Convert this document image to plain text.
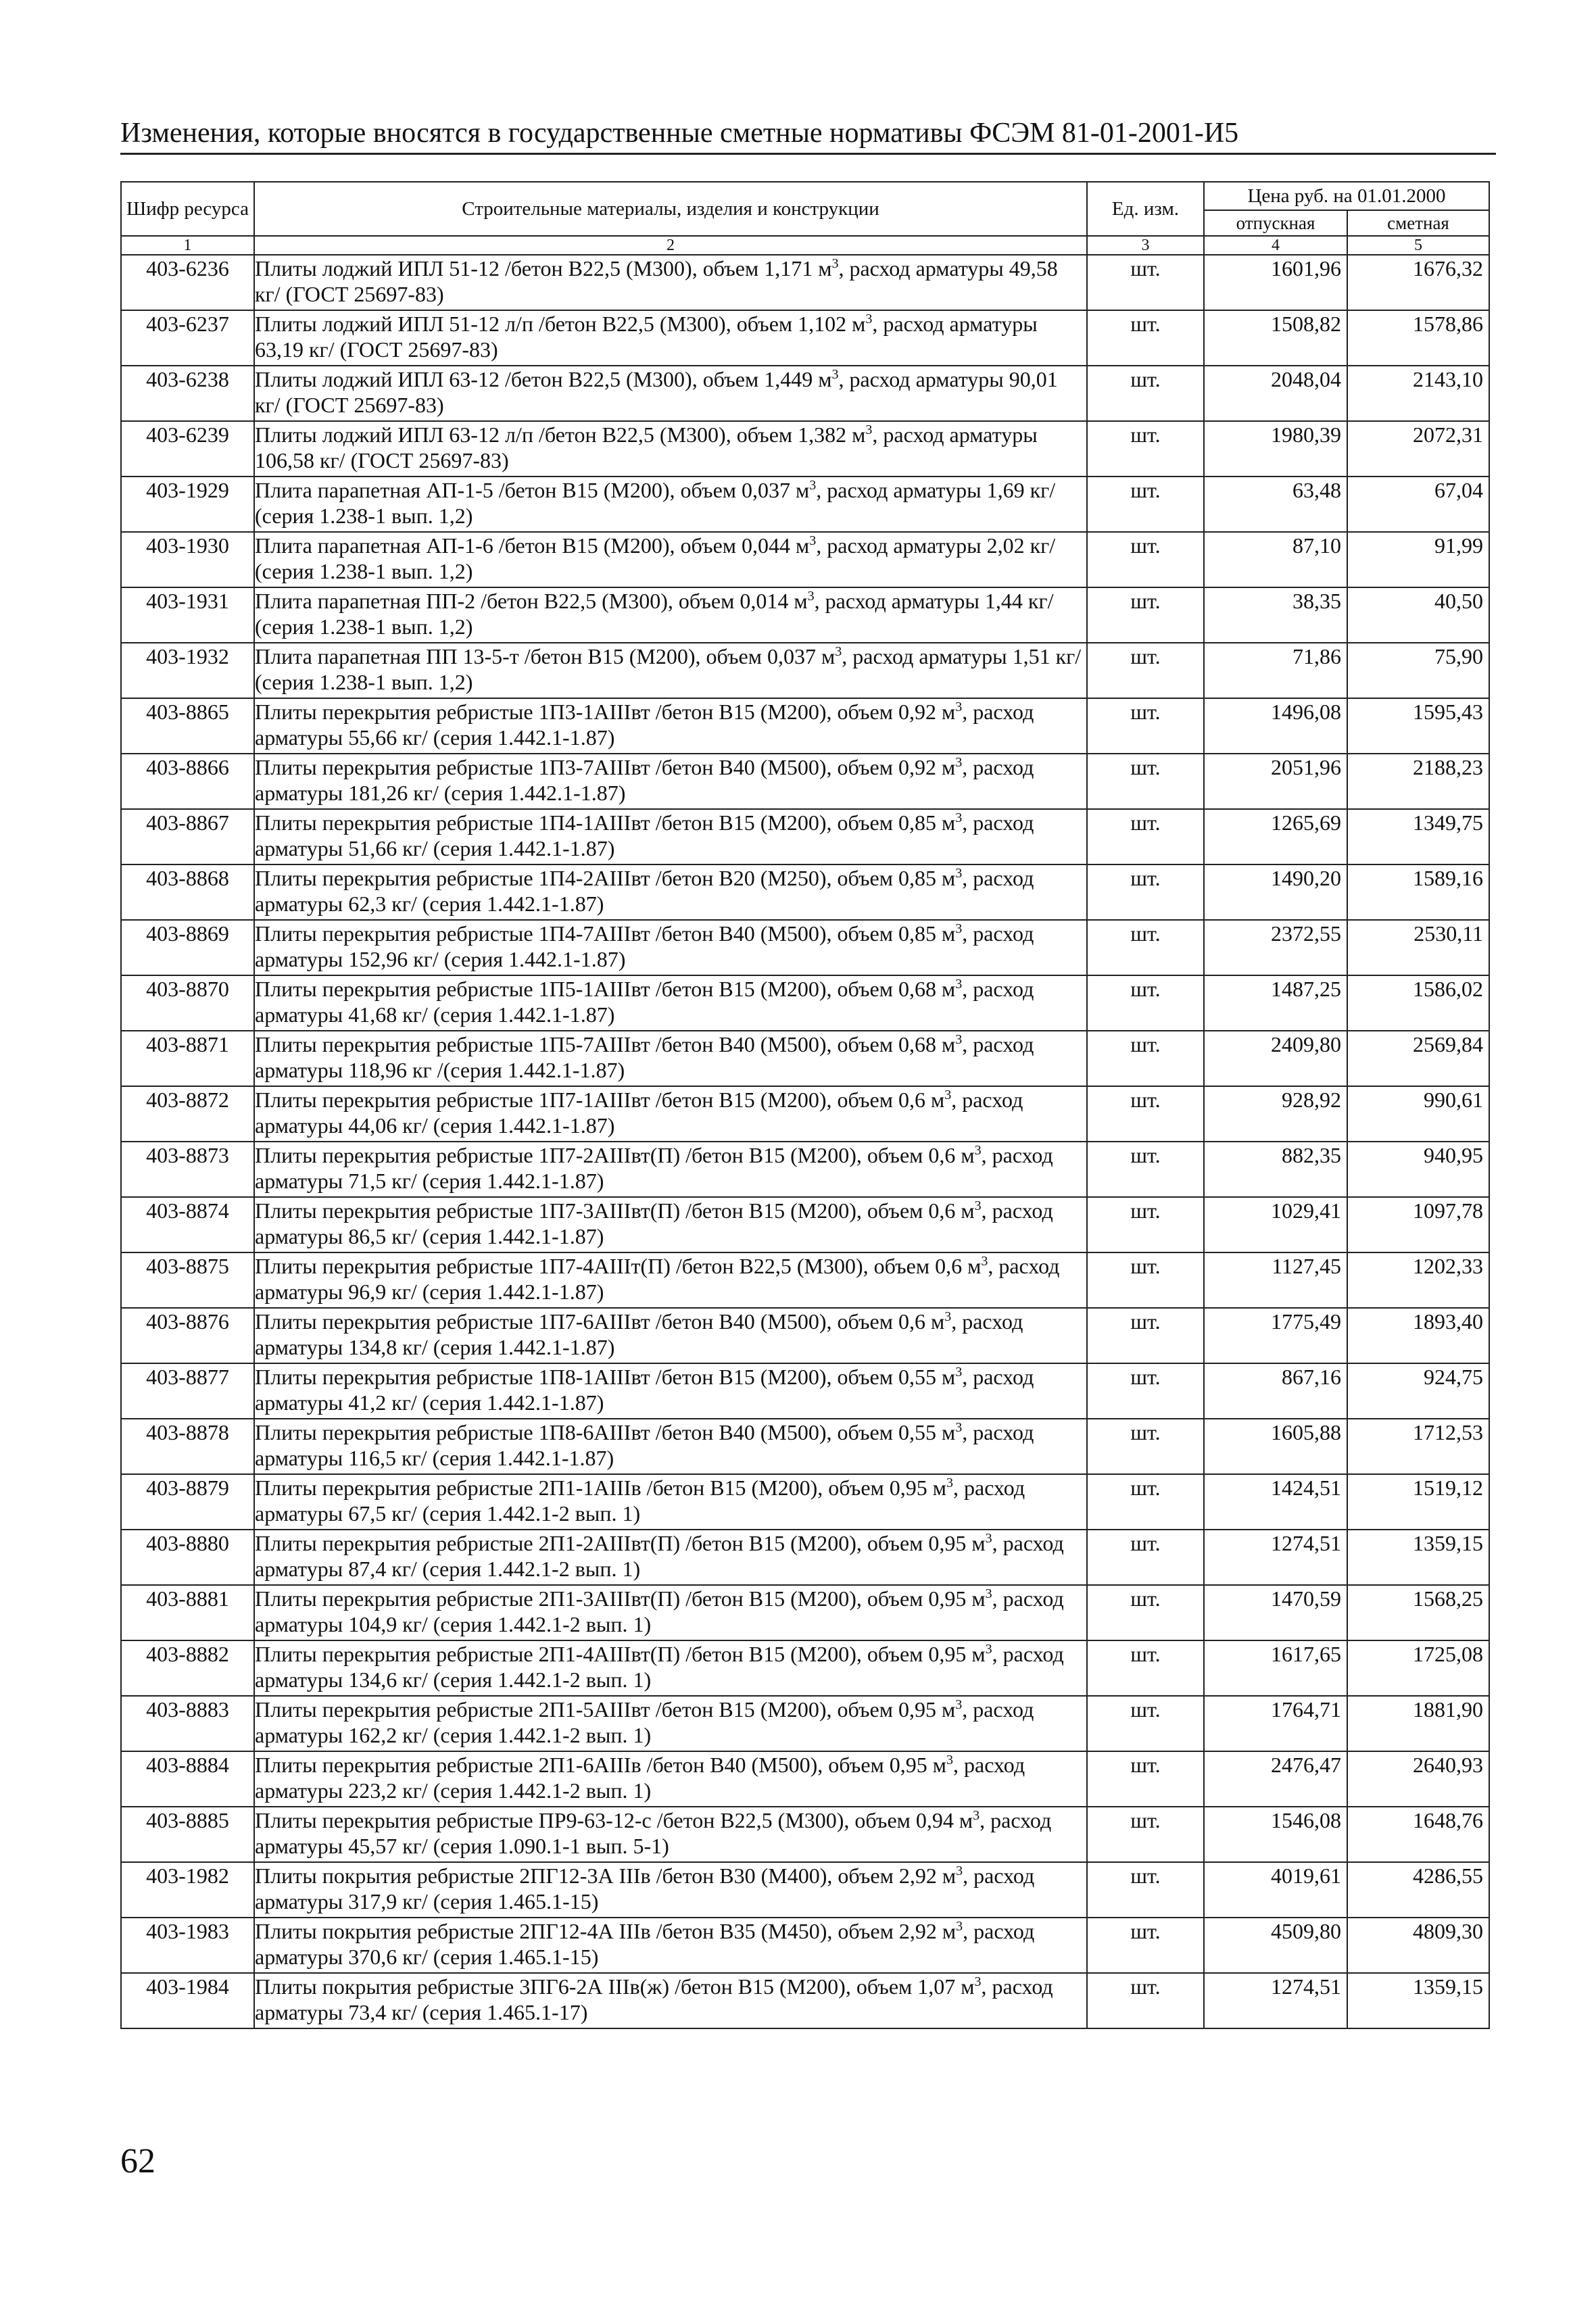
Изменения, которые вносятся в государственные сметные нормативы ФСЭМ 81-01-2001-И5
Шифр ресурса	Строительные материалы, изделия и конструкции	Ед. изм.	Цена руб. на 01.01.2000	
			отпускная	сметная
1	2	3	4	5
403-6236	Плиты лоджий ИПЛ 51-12 /бетон В22,5 (М300), объем 1,171 $м^3$, расход арматуры 49,58 кг/ (ГОСТ 25697-83)	шт.	1601,96	1676,32
403-6237	Плиты лоджий ИПЛ 51-12 л/п /бетон В22,5 (М300), объем 1,102 $м^3$, расход арматуры 63,19 кг/ (ГОСТ 25697-83)	шт.	1508,82	1578,86
403-6238	Плиты лоджий ИПЛ 63-12 /бетон В22,5 (М300), объем 1,449 $м^3$, расход арматуры 90,01 кг/ (ГОСТ 25697-83)	шт.	2048,04	2143,10
403-6239	Плиты лоджий ИПЛ 63-12 л/п /бетон В22,5 (М300), объем 1,382 $м^3$, расход арматуры 106,58 кг/ (ГОСТ 25697-83)	шт.	1980,39	2072,31
403-1929	Плита парапетная АП-1-5 /бетон В15 (М200), объем 0,037 $м^3$, расход арматуры 1,69 кг/ (серия 1.238-1 вып. 1,2)	шт.	63,48	67,04
403-1930	Плита парапетная АП-1-6 /бетон В15 (М200), объем 0,044 $м^3$, расход арматуры 2,02 кг/ (серия 1.238-1 вып. 1,2)	шт.	87,10	91,99
403-1931	Плита парапетная ПП-2 /бетон В22,5 (М300), объем 0,014 $м^3$, расход арматуры 1,44 кг/ (серия 1.238-1 вып. 1,2)	шт.	38,35	40,50
403-1932	Плита парапетная ПП 13-5-т /бетон В15 (М200), объем 0,037 $м^3$, расход арматуры 1,51 кг/ (серия 1.238-1 вып. 1,2)	шт.	71,86	75,90
403-8865	Плиты перекрытия ребристые 1П3-1АIIIвт /бетон В15 (М200), объем 0,92 $м^3$, расход арматуры 55,66 кг/ (серия 1.442.1-1.87)	шт.	1496,08	1595,43
403-8866	Плиты перекрытия ребристые 1П3-7АIIIвт /бетон В40 (М500), объем 0,92 $м^3$, расход арматуры 181,26 кг/ (серия 1.442.1-1.87)	шт.	2051,96	2188,23
403-8867	Плиты перекрытия ребристые 1П4-1АIIIвт /бетон В15 (М200), объем 0,85 $м^3$, расход арматуры 51,66 кг/ (серия 1.442.1-1.87)	шт.	1265,69	1349,75
403-8868	Плиты перекрытия ребристые 1П4-2АIIIвт /бетон В20 (М250), объем 0,85 $м^3$, расход арматуры 62,3 кг/ (серия 1.442.1-1.87)	шт.	1490,20	1589,16
403-8869	Плиты перекрытия ребристые 1П4-7АIIIвт /бетон В40 (М500), объем 0,85 $м^3$, расход арматуры 152,96 кг/ (серия 1.442.1-1.87)	шт.	2372,55	2530,11
403-8870	Плиты перекрытия ребристые 1П5-1АIIIвт /бетон В15 (М200), объем 0,68 $м^3$, расход арматуры 41,68 кг/ (серия 1.442.1-1.87)	шт.	1487,25	1586,02
403-8871	Плиты перекрытия ребристые 1П5-7АIIIвт /бетон В40 (М500), объем 0,68 $м^3$, расход арматуры 118,96 кг /(серия 1.442.1-1.87)	шт.	2409,80	2569,84
403-8872	Плиты перекрытия ребристые 1П7-1АIIIвт /бетон В15 (М200), объем 0,6 $м^3$, расход арматуры 44,06 кг/ (серия 1.442.1-1.87)	шт.	928,92	990,61
403-8873	Плиты перекрытия ребристые 1П7-2АIIIвт(П) /бетон В15 (М200), объем 0,6 $м^3$, расход арматуры 71,5 кг/ (серия 1.442.1-1.87)	шт.	882,35	940,95
403-8874	Плиты перекрытия ребристые 1П7-3АIIIвт(П) /бетон В15 (М200), объем 0,6 $м^3$, расход арматуры 86,5 кг/ (серия 1.442.1-1.87)	шт.	1029,41	1097,78
403-8875	Плиты перекрытия ребристые 1П7-4АIIIт(П) /бетон В22,5 (М300), объем 0,6 $м^3$, расход арматуры 96,9 кг/ (серия 1.442.1-1.87)	шт.	1127,45	1202,33
403-8876	Плиты перекрытия ребристые 1П7-6АIIIвт /бетон В40 (М500), объем 0,6 $м^3$, расход арматуры 134,8 кг/ (серия 1.442.1-1.87)	шт.	1775,49	1893,40
403-8877	Плиты перекрытия ребристые 1П8-1АIIIвт /бетон В15 (М200), объем 0,55 $м^3$, расход арматуры 41,2 кг/ (серия 1.442.1-1.87)	шт.	867,16	924,75
403-8878	Плиты перекрытия ребристые 1П8-6АIIIвт /бетон В40 (М500), объем 0,55 $м^3$, расход арматуры 116,5 кг/ (серия 1.442.1-1.87)	шт.	1605,88	1712,53
403-8879	Плиты перекрытия ребристые 2П1-1АIIIв /бетон В15 (М200), объем 0,95 $м^3$, расход арматуры 67,5 кг/ (серия 1.442.1-2 вып. 1)	шт.	1424,51	1519,12
403-8880	Плиты перекрытия ребристые 2П1-2АIIIвт(П) /бетон В15 (М200), объем 0,95 $м^3$, расход арматуры 87,4 кг/ (серия 1.442.1-2 вып. 1)	шт.	1274,51	1359,15
403-8881	Плиты перекрытия ребристые 2П1-3АIIIвт(П) /бетон В15 (М200), объем 0,95 $м^3$, расход арматуры 104,9 кг/ (серия 1.442.1-2 вып. 1)	шт.	1470,59	1568,25
403-8882	Плиты перекрытия ребристые 2П1-4АIIIвт(П) /бетон В15 (М200), объем 0,95 $м^3$, расход арматуры 134,6 кг/ (серия 1.442.1-2 вып. 1)	шт.	1617,65	1725,08
403-8883	Плиты перекрытия ребристые 2П1-5АIIIвт /бетон В15 (М200), объем 0,95 $м^3$, расход арматуры 162,2 кг/ (серия 1.442.1-2 вып. 1)	шт.	1764,71	1881,90
403-8884	Плиты перекрытия ребристые 2П1-6АIIIв /бетон В40 (М500), объем 0,95 $м^3$, расход арматуры 223,2 кг/ (серия 1.442.1-2 вып. 1)	шт.	2476,47	2640,93
403-8885	Плиты перекрытия ребристые ПР9-63-12-с /бетон В22,5 (М300), объем 0,94 $м^3$, расход арматуры 45,57 кг/ (серия 1.090.1-1 вып. 5-1)	шт.	1546,08	1648,76
403-1982	Плиты покрытия ребристые 2ПГ12-3А IIIв /бетон В30 (М400), объем 2,92 $м^3$, расход арматуры 317,9 кг/ (серия 1.465.1-15)	шт.	4019,61	4286,55
403-1983	Плиты покрытия ребристые 2ПГ12-4А IIIв /бетон В35 (М450), объем 2,92 $м^3$, расход арматуры 370,6 кг/ (серия 1.465.1-15)	шт.	4509,80	4809,30
403-1984	Плиты покрытия ребристые 3ПГ6-2А IIIв(ж) /бетон В15 (М200), объем 1,07 $м^3$, расход арматуры 73,4 кг/ (серия 1.465.1-17)	шт.	1274,51	1359,15
62
